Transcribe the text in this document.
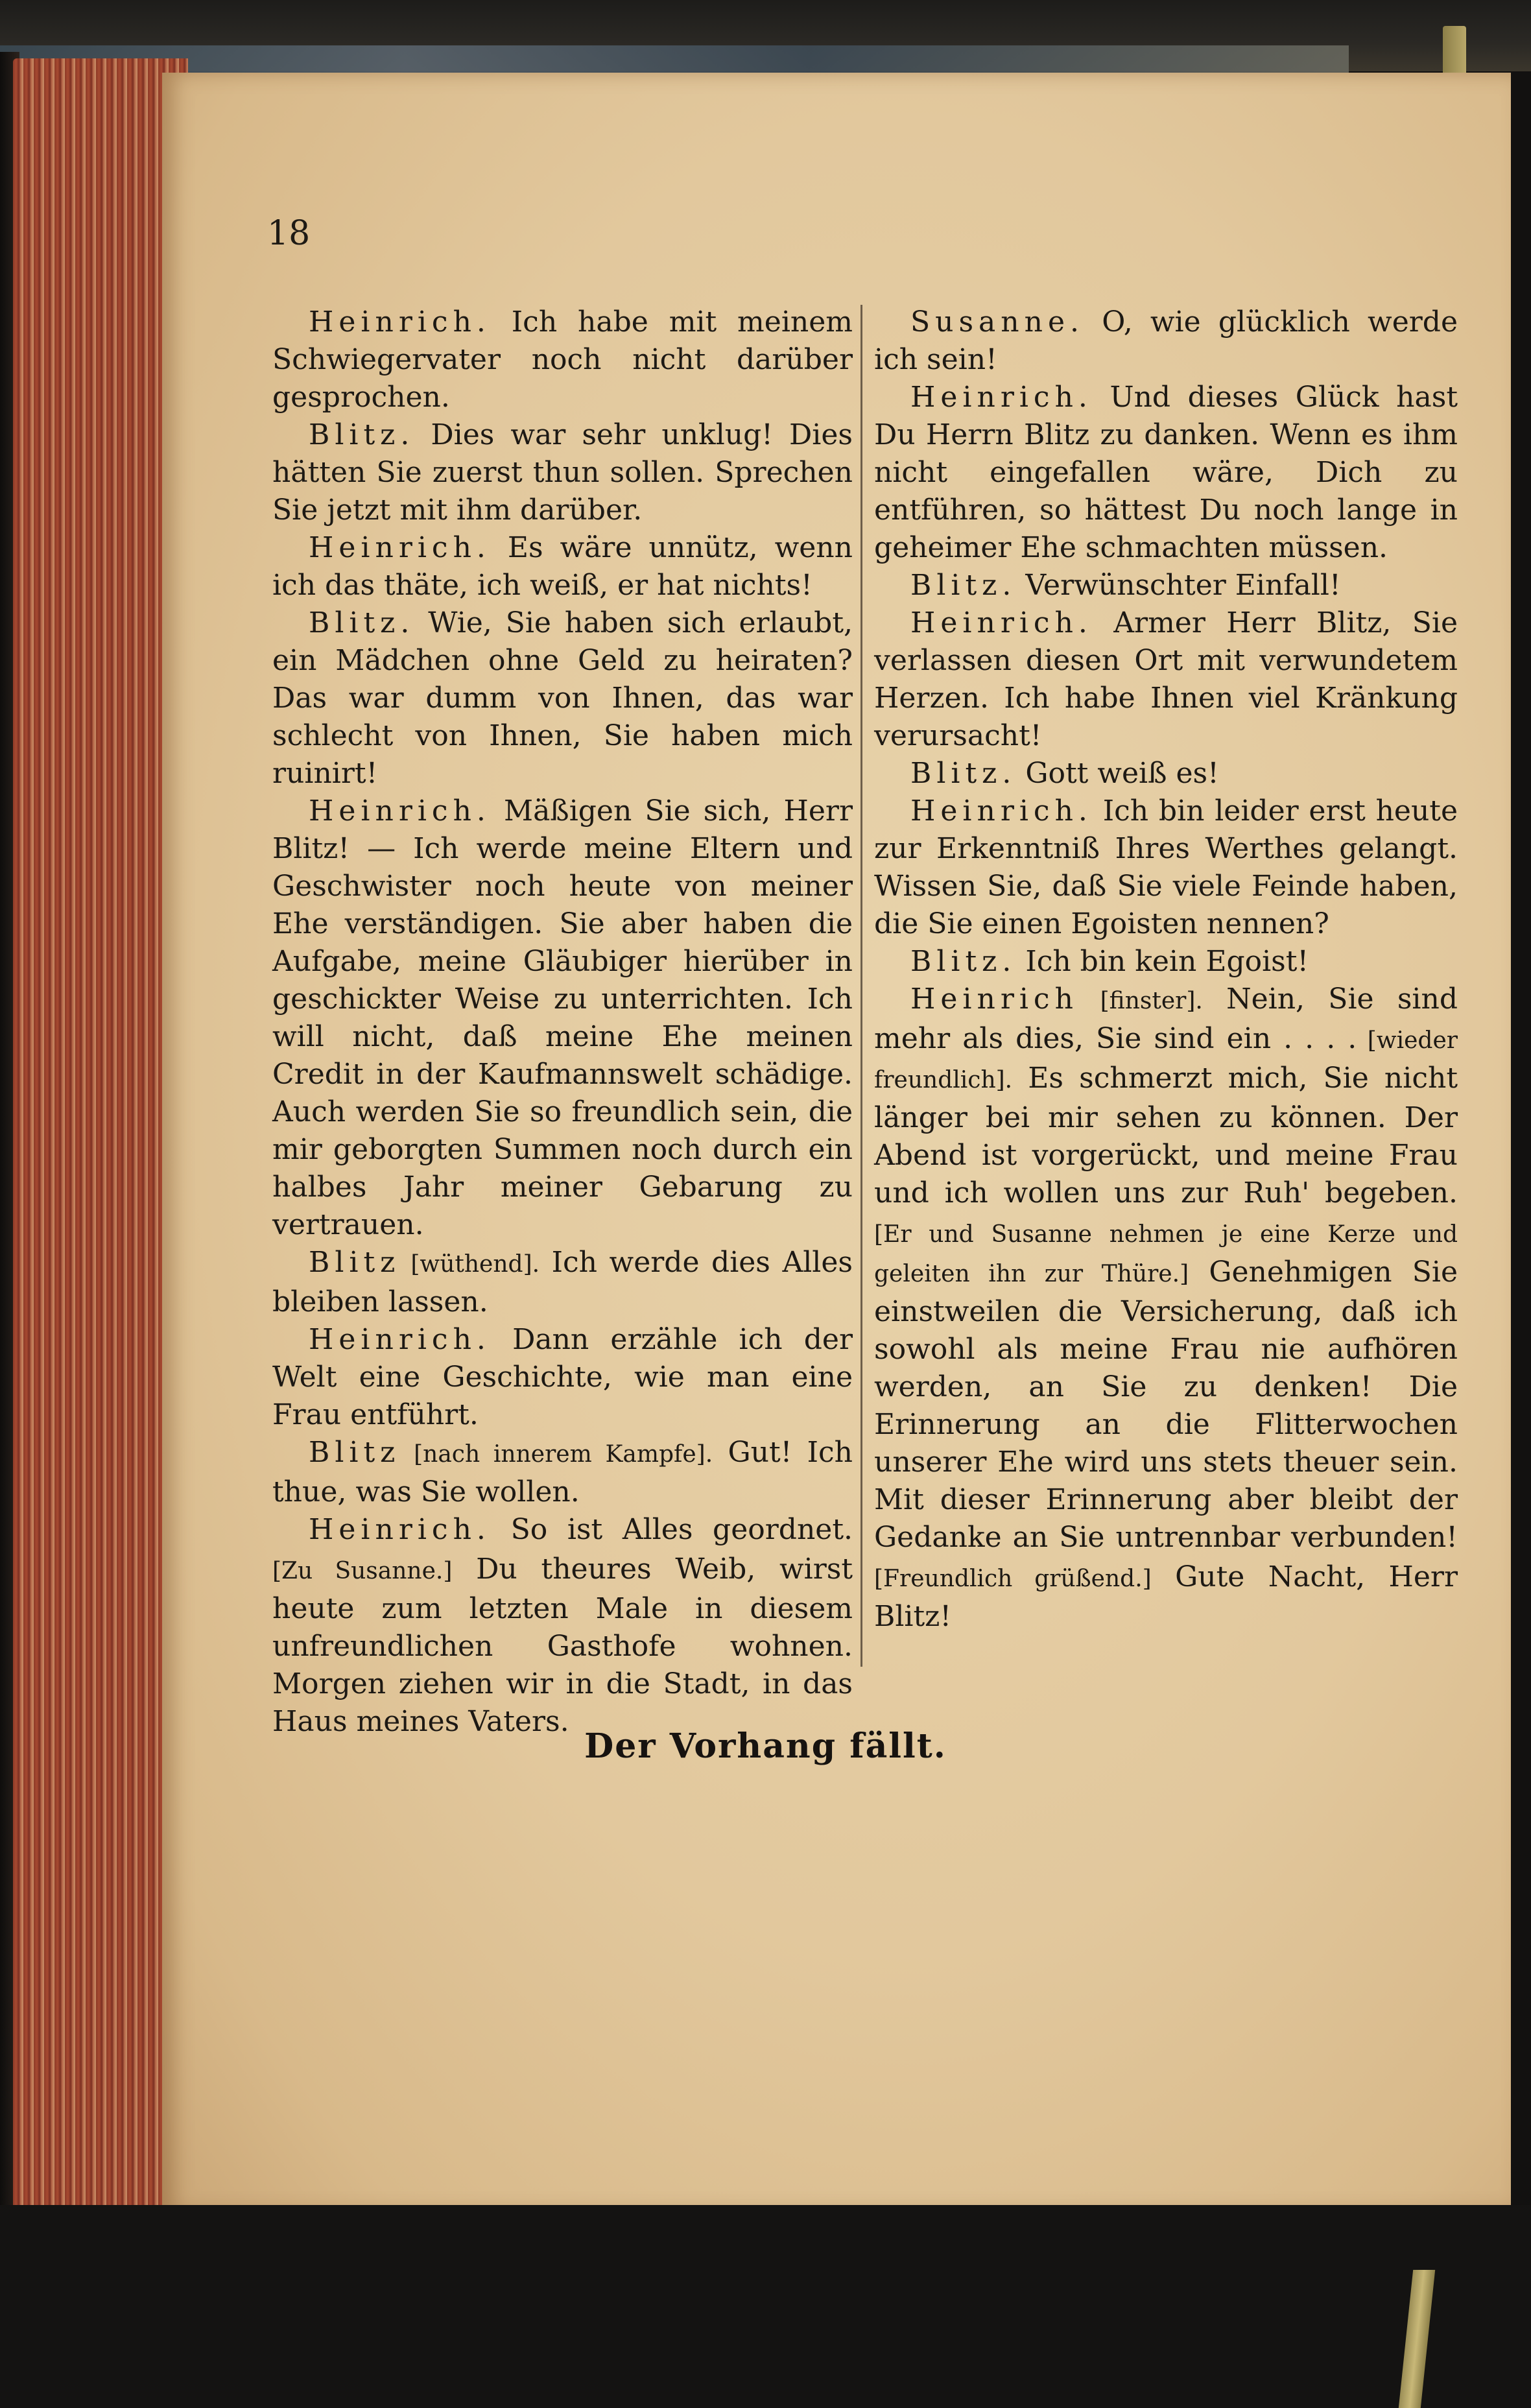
18

Heinrich. Ich habe mit meinem Schwiegervater noch nicht darüber gesprochen.

Blitz. Dies war sehr unklug! Dies hätten Sie zuerst thun sollen. Sprechen Sie jetzt mit ihm darüber.

Heinrich. Es wäre unnütz, wenn ich das thäte, ich weiß, er hat nichts!

Blitz. Wie, Sie haben sich erlaubt, ein Mädchen ohne Geld zu heiraten? Das war dumm von Ihnen, das war schlecht von Ihnen, Sie haben mich ruinirt!

Heinrich. Mäßigen Sie sich, Herr Blitz! — Ich werde meine Eltern und Geschwister noch heute von meiner Ehe verständigen. Sie aber haben die Aufgabe, meine Gläubiger hierüber in geschickter Weise zu unterrichten. Ich will nicht, daß meine Ehe meinen Credit in der Kaufmannswelt schädige. Auch werden Sie so freundlich sein, die mir geborgten Summen noch durch ein halbes Jahr meiner Gebarung zu vertrauen.

Blitz [wüthend]. Ich werde dies Alles bleiben lassen.

Heinrich. Dann erzähle ich der Welt eine Geschichte, wie man eine Frau entführt.

Blitz [nach innerem Kampfe]. Gut! Ich thue, was Sie wollen.

Heinrich. So ist Alles geordnet. [Zu Susanne.] Du theures Weib, wirst heute zum letzten Male in diesem unfreundlichen Gasthofe wohnen. Morgen ziehen wir in die Stadt, in das Haus meines Vaters.

Susanne. O, wie glücklich werde ich sein!

Heinrich. Und dieses Glück hast Du Herrn Blitz zu danken. Wenn es ihm nicht eingefallen wäre, Dich zu entführen, so hättest Du noch lange in geheimer Ehe schmachten müssen.

Blitz. Verwünschter Einfall!

Heinrich. Armer Herr Blitz, Sie verlassen diesen Ort mit verwundetem Herzen. Ich habe Ihnen viel Kränkung verursacht!

Blitz. Gott weiß es!

Heinrich. Ich bin leider erst heute zur Erkenntniß Ihres Werthes gelangt. Wissen Sie, daß Sie viele Feinde haben, die Sie einen Egoisten nennen?

Blitz. Ich bin kein Egoist!

Heinrich [finster]. Nein, Sie sind mehr als dies, Sie sind ein . . . . [wieder freundlich]. Es schmerzt mich, Sie nicht länger bei mir sehen zu können. Der Abend ist vorgerückt, und meine Frau und ich wollen uns zur Ruh' begeben. [Er und Susanne nehmen je eine Kerze und geleiten ihn zur Thüre.] Genehmigen Sie einstweilen die Versicherung, daß ich sowohl als meine Frau nie aufhören werden, an Sie zu denken! Die Erinnerung an die Flitterwochen unserer Ehe wird uns stets theuer sein. Mit dieser Erinnerung aber bleibt der Gedanke an Sie untrennbar verbunden! [Freundlich grüßend.] Gute Nacht, Herr Blitz!

Der Vorhang fällt.
